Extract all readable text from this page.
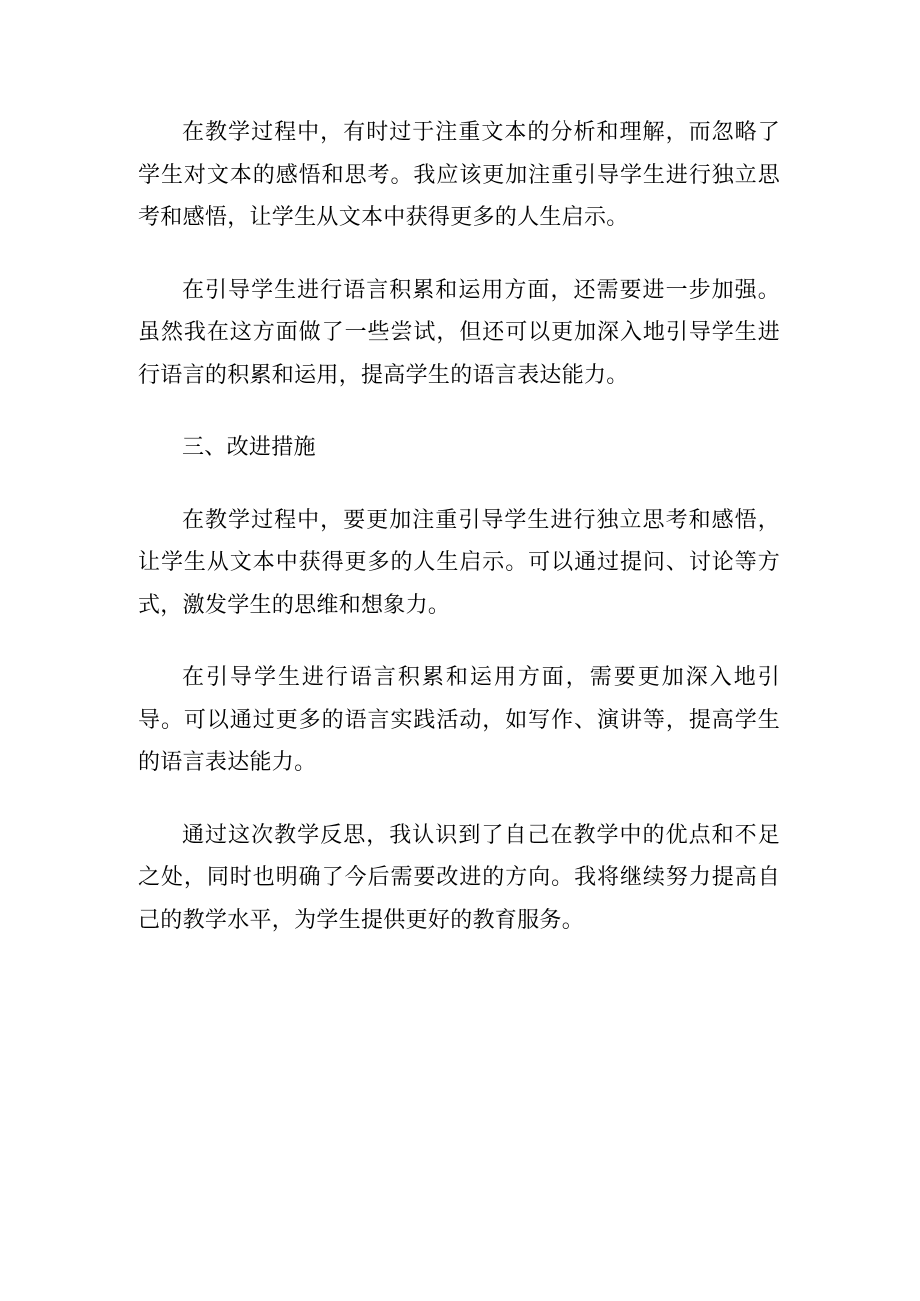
在教学过程中，有时过于注重文本的分析和理解，而忽略了学生对文本的感悟和思考。我应该更加注重引导学生进行独立思考和感悟，让学生从文本中获得更多的人生启示。

在引导学生进行语言积累和运用方面，还需要进一步加强。虽然我在这方面做了一些尝试，但还可以更加深入地引导学生进行语言的积累和运用，提高学生的语言表达能力。

三、改进措施

在教学过程中，要更加注重引导学生进行独立思考和感悟，让学生从文本中获得更多的人生启示。可以通过提问、讨论等方式，激发学生的思维和想象力。

在引导学生进行语言积累和运用方面，需要更加深入地引导。可以通过更多的语言实践活动，如写作、演讲等，提高学生的语言表达能力。

通过这次教学反思，我认识到了自己在教学中的优点和不足之处，同时也明确了今后需要改进的方向。我将继续努力提高自己的教学水平，为学生提供更好的教育服务。
